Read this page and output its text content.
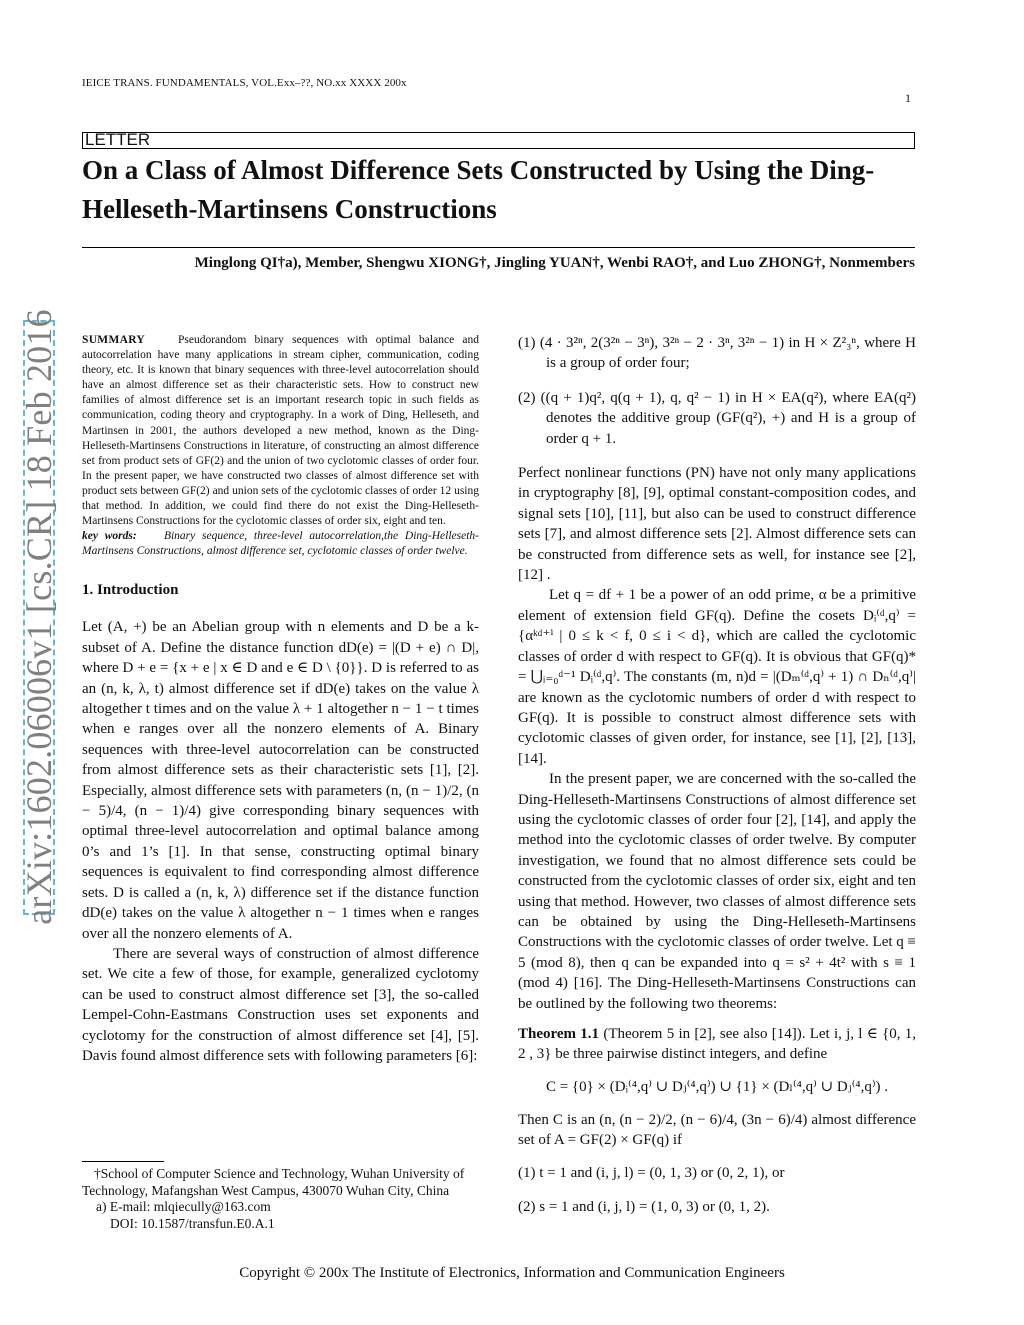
IEICE TRANS. FUNDAMENTALS, VOL.Exx–??, NO.xx XXXX 200x
1
LETTER
On a Class of Almost Difference Sets Constructed by Using the Ding-Helleseth-Martinsens Constructions
Minglong QI†a), Member, Shengwu XIONG†, Jingling YUAN†, Wenbi RAO†, and Luo ZHONG†, Nonmembers
arXiv:1602.06006v1 [cs.CR] 18 Feb 2016 SUMMARY	Pseudorandom binary sequences with optimal balance and autocorrelation have many applications in stream cipher, communication, coding theory, etc. It is known that binary sequences with three-level autocorrelation should have an almost difference set as their characteristic sets. How to construct new families of almost difference set is an important research topic in such fields as communication, coding theory and cryptography. In a work of Ding, Helleseth, and Martinsen in 2001, the authors developed a new method, known as the Ding-Helleseth-Martinsens Constructions in literature, of constructing an almost difference set from product sets of GF(2) and the union of two cyclotomic classes of order four. In the present paper, we have constructed two classes of almost difference set with product sets between GF(2) and union sets of the cyclotomic classes of order 12 using that method. In addition, we could find there do not exist the Ding-Helleseth-Martinsens Constructions for the cyclotomic classes of order six, eight and ten.
key words: Binary sequence, three-level autocorrelation,the Ding-Helleseth-Martinsens Constructions, almost difference set, cyclotomic classes of order twelve.
1. Introduction

Let (A, +) be an Abelian group with n elements and D be a k-subset of A. Define the distance function dD(e) = |(D + e) ∩ D|, where D + e = {x + e | x ∈ D and e ∈ D \ {0}}. D is referred to as an (n, k, λ, t) almost difference set if dD(e) takes on the value λ altogether t times and on the value λ + 1 altogether n − 1 − t times when e ranges over all the nonzero elements of A. Binary sequences with three-level autocorrelation can be constructed from almost difference sets as their characteristic sets [1], [2]. Especially, almost difference sets with parameters (n, (n − 1)/2, (n − 5)/4, (n − 1)/4) give corresponding binary sequences with optimal three-level autocorrelation and optimal balance among 0’s and 1’s [1]. In that sense, constructing optimal binary sequences is equivalent to find corresponding almost difference sets. D is called a (n, k, λ) difference set if the distance function dD(e) takes on the value λ altogether n − 1 times when e ranges over all the nonzero elements of A.

There are several ways of construction of almost difference set. We cite a few of those, for example, generalized cyclotomy can be used to construct almost difference set [3], the so-called Lempel-Cohn-Eastmans Construction uses set exponents and cyclotomy for the construction of almost difference set [4], [5]. Davis found almost difference sets with following parameters [6]:

†School of Computer Science and Technology, Wuhan University of Technology, Mafangshan West Campus, 430070 Wuhan City, China
a) E-mail: mlqiecully@163.com
DOI: 10.1587/transfun.E0.A.1

(1) (4 · 3²ⁿ, 2(3²ⁿ − 3ⁿ), 3²ⁿ − 2 · 3ⁿ, 3²ⁿ − 1) in H × Z²₃ⁿ, where H is a group of order four;

(2) ((q + 1)q², q(q + 1), q, q² − 1) in H × EA(q²), where EA(q²) denotes the additive group (GF(q²), +) and H is a group of order q + 1.

Perfect nonlinear functions (PN) have not only many applications in cryptography [8], [9], optimal constant-composition codes, and signal sets [10], [11], but also can be used to construct difference sets [7], and almost difference sets [2]. Almost difference sets can be constructed from difference sets as well, for instance see [2], [12] .

Let q = df + 1 be a power of an odd prime, α be a primitive element of extension field GF(q). Define the cosets Dᵢ⁽ᵈ,q⁾ = {αᵏᵈ⁺ⁱ | 0 ≤ k < f, 0 ≤ i < d}, which are called the cyclotomic classes of order d with respect to GF(q). It is obvious that GF(q)* = ⋃ᵢ₌₀ᵈ⁻¹ Dᵢ⁽ᵈ,q⁾. The constants (m, n)d = |(Dₘ⁽ᵈ,q⁾ + 1) ∩ Dₙ⁽ᵈ,q⁾| are known as the cyclotomic numbers of order d with respect to GF(q). It is possible to construct almost difference sets with cyclotomic classes of given order, for instance, see [1], [2], [13], [14].

In the present paper, we are concerned with the so-called the Ding-Helleseth-Martinsens Constructions of almost difference set using the cyclotomic classes of order four [2], [14], and apply the method into the cyclotomic classes of order twelve. By computer investigation, we found that no almost difference sets could be constructed from the cyclotomic classes of order six, eight and ten using that method. However, two classes of almost difference sets can be obtained by using the Ding-Helleseth-Martinsens Constructions with the cyclotomic classes of order twelve. Let q ≡ 5 (mod 8), then q can be expanded into q = s² + 4t² with s ≡ 1 (mod 4) [16]. The Ding-Helleseth-Martinsens Constructions can be outlined by the following two theorems:

Theorem 1.1 (Theorem 5 in [2], see also [14]). Let i, j, l ∈ {0, 1, 2 , 3} be three pairwise distinct integers, and define

C = {0} × (Dᵢ⁽⁴,q⁾ ∪ Dⱼ⁽⁴,q⁾) ∪ {1} × (Dₗ⁽⁴,q⁾ ∪ Dⱼ⁽⁴,q⁾) .

Then C is an (n, (n − 2)/2, (n − 6)/4, (3n − 6)/4) almost difference set of A = GF(2) × GF(q) if

(1) t = 1 and (i, j, l) = (0, 1, 3) or (0, 2, 1), or

(2) s = 1 and (i, j, l) = (1, 0, 3) or (0, 1, 2).

Copyright © 200x The Institute of Electronics, Information and Communication Engineers
